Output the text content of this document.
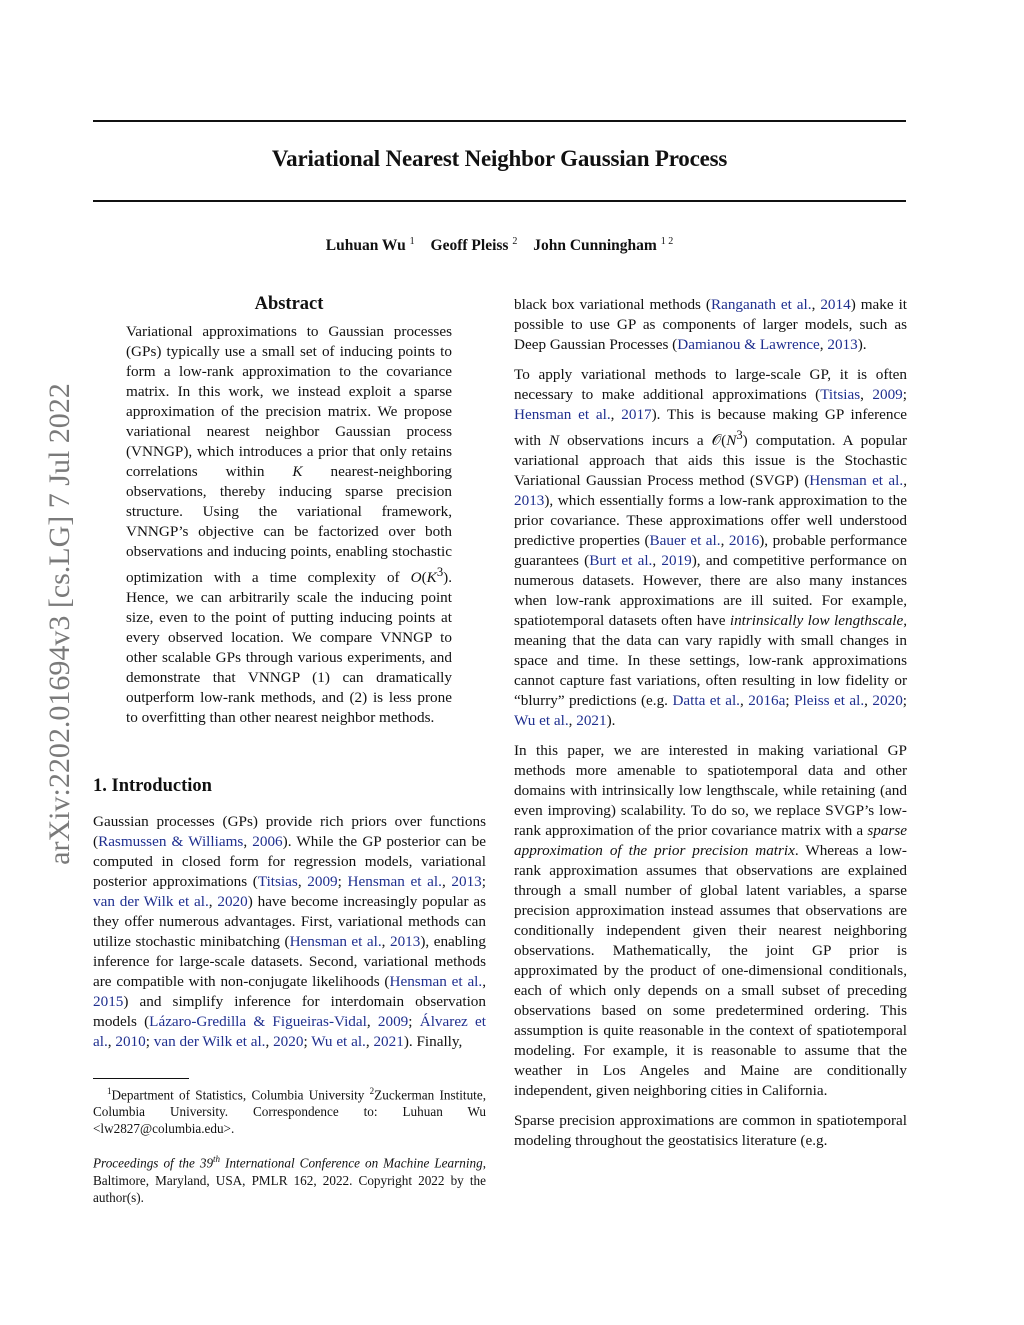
Variational Nearest Neighbor Gaussian Process
Luhuan Wu $^1$ Geoff Pleiss $^2$ John Cunningham $^{1 2}$
arXiv:2202.01694v3 [cs.LG] 7 Jul 2022
Abstract

Variational approximations to Gaussian processes (GPs) typically use a small set of inducing points to form a low-rank approximation to the covariance matrix. In this work, we instead exploit a sparse approximation of the precision matrix. We propose variational nearest neighbor Gaussian process (VNNGP), which introduces a prior that only retains correlations within K nearest-neighboring observations, thereby inducing sparse precision structure. Using the variational framework, VNNGP’s objective can be factorized over both observations and inducing points, enabling stochastic optimization with a time complexity of $O(K^3)$. Hence, we can arbitrarily scale the inducing point size, even to the point of putting inducing points at every observed location. We compare VNNGP to other scalable GPs through various experiments, and demonstrate that VNNGP (1) can dramatically outperform low-rank methods, and (2) is less prone to overfitting than other nearest neighbor methods.

1. Introduction

Gaussian processes (GPs) provide rich priors over functions (Rasmussen & Williams, 2006). While the GP posterior can be computed in closed form for regression models, variational posterior approximations (Titsias, 2009; Hensman et al., 2013; van der Wilk et al., 2020) have become increasingly popular as they offer numerous advantages. First, variational methods can utilize stochastic minibatching (Hensman et al., 2013), enabling inference for large-scale datasets. Second, variational methods are compatible with non-conjugate likelihoods (Hensman et al., 2015) and simplify inference for interdomain observation models (Lázaro-Gredilla & Figueiras-Vidal, 2009; Álvarez et al., 2010; van der Wilk et al., 2020; Wu et al., 2021). Finally,

$^1$Department of Statistics, Columbia University $^2$Zuckerman Institute, Columbia University. Correspondence to: Luhuan Wu <lw2827@columbia.edu>.

Proceedings of the 39th International Conference on Machine Learning, Baltimore, Maryland, USA, PMLR 162, 2022. Copyright 2022 by the author(s).

black box variational methods (Ranganath et al., 2014) make it possible to use GP as components of larger models, such as Deep Gaussian Processes (Damianou & Lawrence, 2013).

To apply variational methods to large-scale GP, it is often necessary to make additional approximations (Titsias, 2009; Hensman et al., 2017). This is because making GP inference with N observations incurs a $𝒪(N^3)$ computation. A popular variational approach that aids this issue is the Stochastic Variational Gaussian Process method (SVGP) (Hensman et al., 2013), which essentially forms a low-rank approximation to the prior covariance. These approximations offer well understood predictive properties (Bauer et al., 2016), probable performance guarantees (Burt et al., 2019), and competitive performance on numerous datasets. However, there are also many instances when low-rank approximations are ill suited. For example, spatiotemporal datasets often have intrinsically low lengthscale, meaning that the data can vary rapidly with small changes in space and time. In these settings, low-rank approximations cannot capture fast variations, often resulting in low fidelity or “blurry” predictions (e.g. Datta et al., 2016a; Pleiss et al., 2020; Wu et al., 2021).

In this paper, we are interested in making variational GP methods more amenable to spatiotemporal data and other domains with intrinsically low lengthscale, while retaining (and even improving) scalability. To do so, we replace SVGP’s low-rank approximation of the prior covariance matrix with a sparse approximation of the prior precision matrix. Whereas a low-rank approximation assumes that observations are explained through a small number of global latent variables, a sparse precision approximation instead assumes that observations are conditionally independent given their nearest neighboring observations. Mathematically, the joint GP prior is approximated by the product of one-dimensional conditionals, each of which only depends on a small subset of preceding observations based on some predetermined ordering. This assumption is quite reasonable in the context of spatiotemporal modeling. For example, it is reasonable to assume that the weather in Los Angeles and Maine are conditionally independent, given neighboring cities in California.

Sparse precision approximations are common in spatiotemporal modeling throughout the geostatisics literature (e.g.
